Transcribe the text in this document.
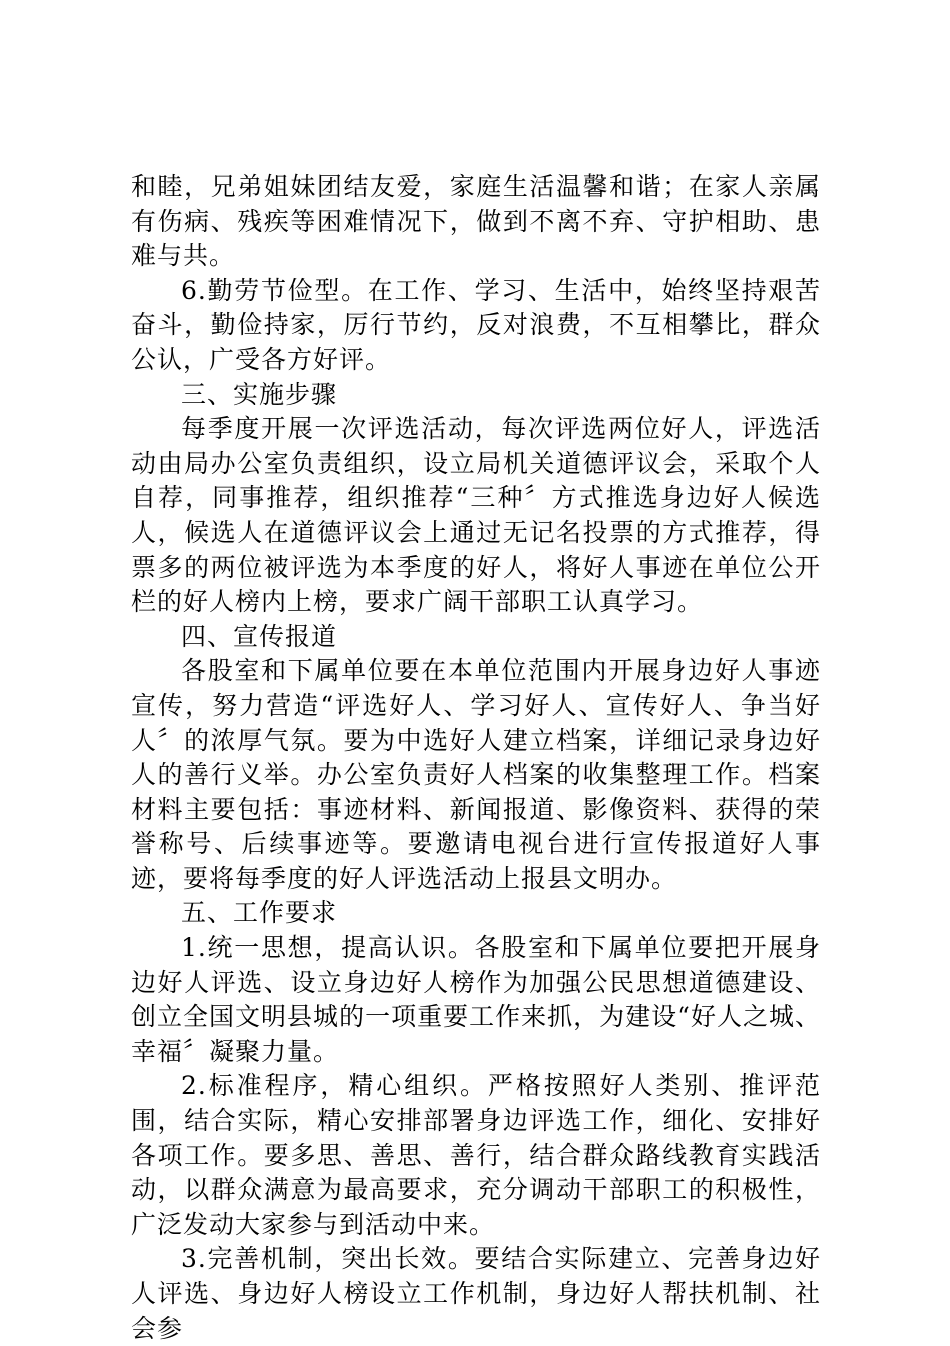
和睦，兄弟姐妹团结友爱，家庭生活温馨和谐；在家人亲属有伤病、残疾等困难情况下，做到不离不弃、守护相助、患难与共。

6.勤劳节俭型。在工作、学习、生活中，始终坚持艰苦奋斗，勤俭持家，厉行节约，反对浪费，不互相攀比，群众公认，广受各方好评。

三、实施步骤

每季度开展一次评选活动，每次评选两位好人，评选活动由局办公室负责组织，设立局机关道德评议会，采取个人自荐，同事推荐，组织推荐“三种〞方式推选身边好人候选人，候选人在道德评议会上通过无记名投票的方式推荐，得票多的两位被评选为本季度的好人，将好人事迹在单位公开栏的好人榜内上榜，要求广阔干部职工认真学习。

四、宣传报道

各股室和下属单位要在本单位范围内开展身边好人事迹宣传，努力营造“评选好人、学习好人、宣传好人、争当好人〞的浓厚气氛。要为中选好人建立档案，详细记录身边好人的善行义举。办公室负责好人档案的收集整理工作。档案材料主要包括：事迹材料、新闻报道、影像资料、获得的荣誉称号、后续事迹等。要邀请电视台进行宣传报道好人事迹，要将每季度的好人评选活动上报县文明办。

五、工作要求

1.统一思想，提高认识。各股室和下属单位要把开展身边好人评选、设立身边好人榜作为加强公民思想道德建设、创立全国文明县城的一项重要工作来抓，为建设“好人之城、幸福〞凝聚力量。

2.标准程序，精心组织。严格按照好人类别、推评范围，结合实际，精心安排部署身边评选工作，细化、安排好各项工作。要多思、善思、善行，结合群众路线教育实践活动，以群众满意为最高要求，充分调动干部职工的积极性，广泛发动大家参与到活动中来。

3.完善机制，突出长效。要结合实际建立、完善身边好人评选、身边好人榜设立工作机制，身边好人帮扶机制、社会参
